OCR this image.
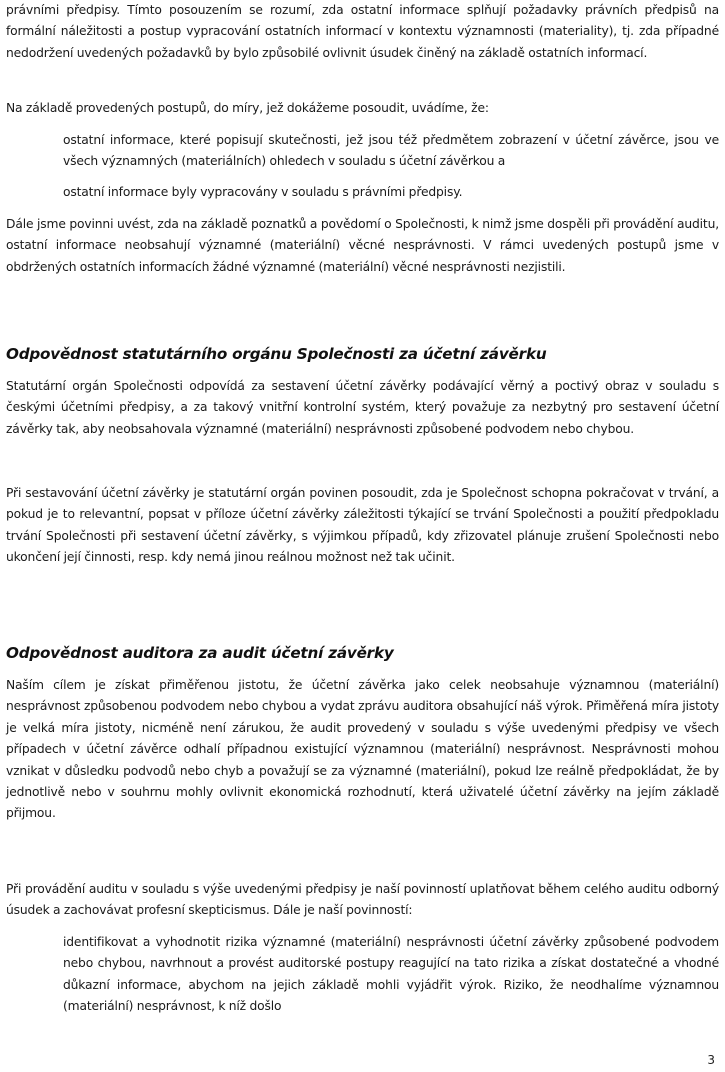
právními předpisy. Tímto posouzením se rozumí, zda ostatní informace splňují požadavky právních předpisů na formální náležitosti a postup vypracování ostatních informací v kontextu významnosti (materiality), tj. zda případné nedodržení uvedených požadavků by bylo způsobilé ovlivnit úsudek činěný na základě ostatních informací.

Na základě provedených postupů, do míry, jež dokážeme posoudit, uvádíme, že:

ostatní informace, které popisují skutečnosti, jež jsou též předmětem zobrazení v účetní závěrce, jsou ve všech významných (materiálních) ohledech v souladu s účetní závěrkou a

ostatní informace byly vypracovány v souladu s právními předpisy.

Dále jsme povinni uvést, zda na základě poznatků a povědomí o Společnosti, k nimž jsme dospěli při provádění auditu, ostatní informace neobsahují významné (materiální) věcné nesprávnosti. V rámci uvedených postupů jsme v obdržených ostatních informacích žádné významné (materiální) věcné nesprávnosti nezjistili.

Odpovědnost statutárního orgánu Společnosti za účetní závěrku

Statutární orgán Společnosti odpovídá za sestavení účetní závěrky podávající věrný a poctivý obraz v souladu s českými účetními předpisy, a za takový vnitřní kontrolní systém, který považuje za nezbytný pro sestavení účetní závěrky tak, aby neobsahovala významné (materiální) nesprávnosti způsobené podvodem nebo chybou.

Při sestavování účetní závěrky je statutární orgán povinen posoudit, zda je Společnost schopna pokračovat v trvání, a pokud je to relevantní, popsat v příloze účetní závěrky záležitosti týkající se trvání Společnosti a použití předpokladu trvání Společnosti při sestavení účetní závěrky, s výjimkou případů, kdy zřizovatel plánuje zrušení Společnosti nebo ukončení její činnosti, resp. kdy nemá jinou reálnou možnost než tak učinit.

Odpovědnost auditora za audit účetní závěrky

Naším cílem je získat přiměřenou jistotu, že účetní závěrka jako celek neobsahuje významnou (materiální) nesprávnost způsobenou podvodem nebo chybou a vydat zprávu auditora obsahující náš výrok. Přiměřená míra jistoty je velká míra jistoty, nicméně není zárukou, že audit provedený v souladu s výše uvedenými předpisy ve všech případech v účetní závěrce odhalí případnou existující významnou (materiální) nesprávnost. Nesprávnosti mohou vznikat v důsledku podvodů nebo chyb a považují se za významné (materiální), pokud lze reálně předpokládat, že by jednotlivě nebo v souhrnu mohly ovlivnit ekonomická rozhodnutí, která uživatelé účetní závěrky na jejím základě přijmou.

Při provádění auditu v souladu s výše uvedenými předpisy je naší povinností uplatňovat během celého auditu odborný úsudek a zachovávat profesní skepticismus. Dále je naší povinností:

identifikovat a vyhodnotit rizika významné (materiální) nesprávnosti účetní závěrky způsobené podvodem nebo chybou, navrhnout a provést auditorské postupy reagující na tato rizika a získat dostatečné a vhodné důkazní informace, abychom na jejich základě mohli vyjádřit výrok. Riziko, že neodhalíme významnou (materiální) nesprávnost, k níž došlo

3
